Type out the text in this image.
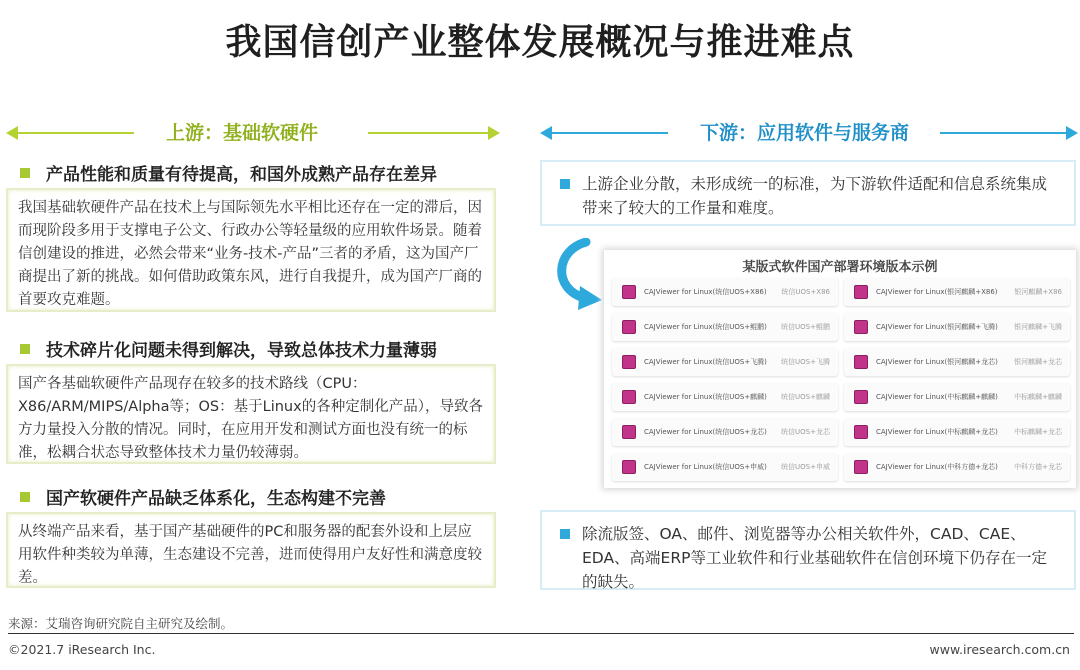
我国信创产业整体发展概况与推进难点
上游：基础软硬件	下游：应用软件与服务商
产品性能和质量有待提高，和国外成熟产品存在差异
我国基础软硬件产品在技术上与国际领先水平相比还存在一定的滞后，因而现阶段多用于支撑电子公文、行政办公等轻量级的应用软件场景。随着信创建设的推进，必然会带来“业务-技术-产品”三者的矛盾，这为国产厂商提出了新的挑战。如何借助政策东风，进行自我提升，成为国产厂商的首要攻克难题。
技术碎片化问题未得到解决，导致总体技术力量薄弱
国产各基础软硬件产品现存在较多的技术路线（CPU：X86/ARM/MIPS/Alpha等；OS：基于Linux的各种定制化产品），导致各方力量投入分散的情况。同时，在应用开发和测试方面也没有统一的标准，松耦合状态导致整体技术力量仍较薄弱。
国产软硬件产品缺乏体系化，生态构建不完善
从终端产品来看，基于国产基础硬件的PC和服务器的配套外设和上层应用软件种类较为单薄，生态建设不完善，进而使得用户友好性和满意度较差。
上游企业分散，未形成统一的标准，为下游软件适配和信息系统集成带来了较大的工作量和难度。
某版式软件国产部署环境版本示例
CAJViewer for Linux(统信UOS+X86) 统信UOS+X86
CAJViewer for Linux(统信UOS+鲲鹏) 统信UOS+鲲鹏
CAJViewer for Linux(统信UOS+飞腾) 统信UOS+飞腾
CAJViewer for Linux(统信UOS+麒麟) 统信UOS+麒麟
CAJViewer for Linux(统信UOS+龙芯) 统信UOS+龙芯
CAJViewer for Linux(统信UOS+申威) 统信UOS+申威
CAJViewer for Linux(银河麒麟+X86) 银河麒麟+X86
CAJViewer for Linux(银河麒麟+飞腾) 银河麒麟+飞腾
CAJViewer for Linux(银河麒麟+龙芯) 银河麒麟+龙芯
CAJViewer for Linux(中标麒麟+麒麟) 中标麒麟+麒麟
CAJViewer for Linux(中标麒麟+龙芯) 中标麒麟+龙芯
CAJViewer for Linux(中科方德+龙芯) 中科方德+龙芯
除流版签、OA、邮件、浏览器等办公相关软件外，CAD、CAE、EDA、高端ERP等工业软件和行业基础软件在信创环境下仍存在一定的缺失。
来源：艾瑞咨询研究院自主研究及绘制。
©2021.7 iResearch Inc.	www.iresearch.com.cn
